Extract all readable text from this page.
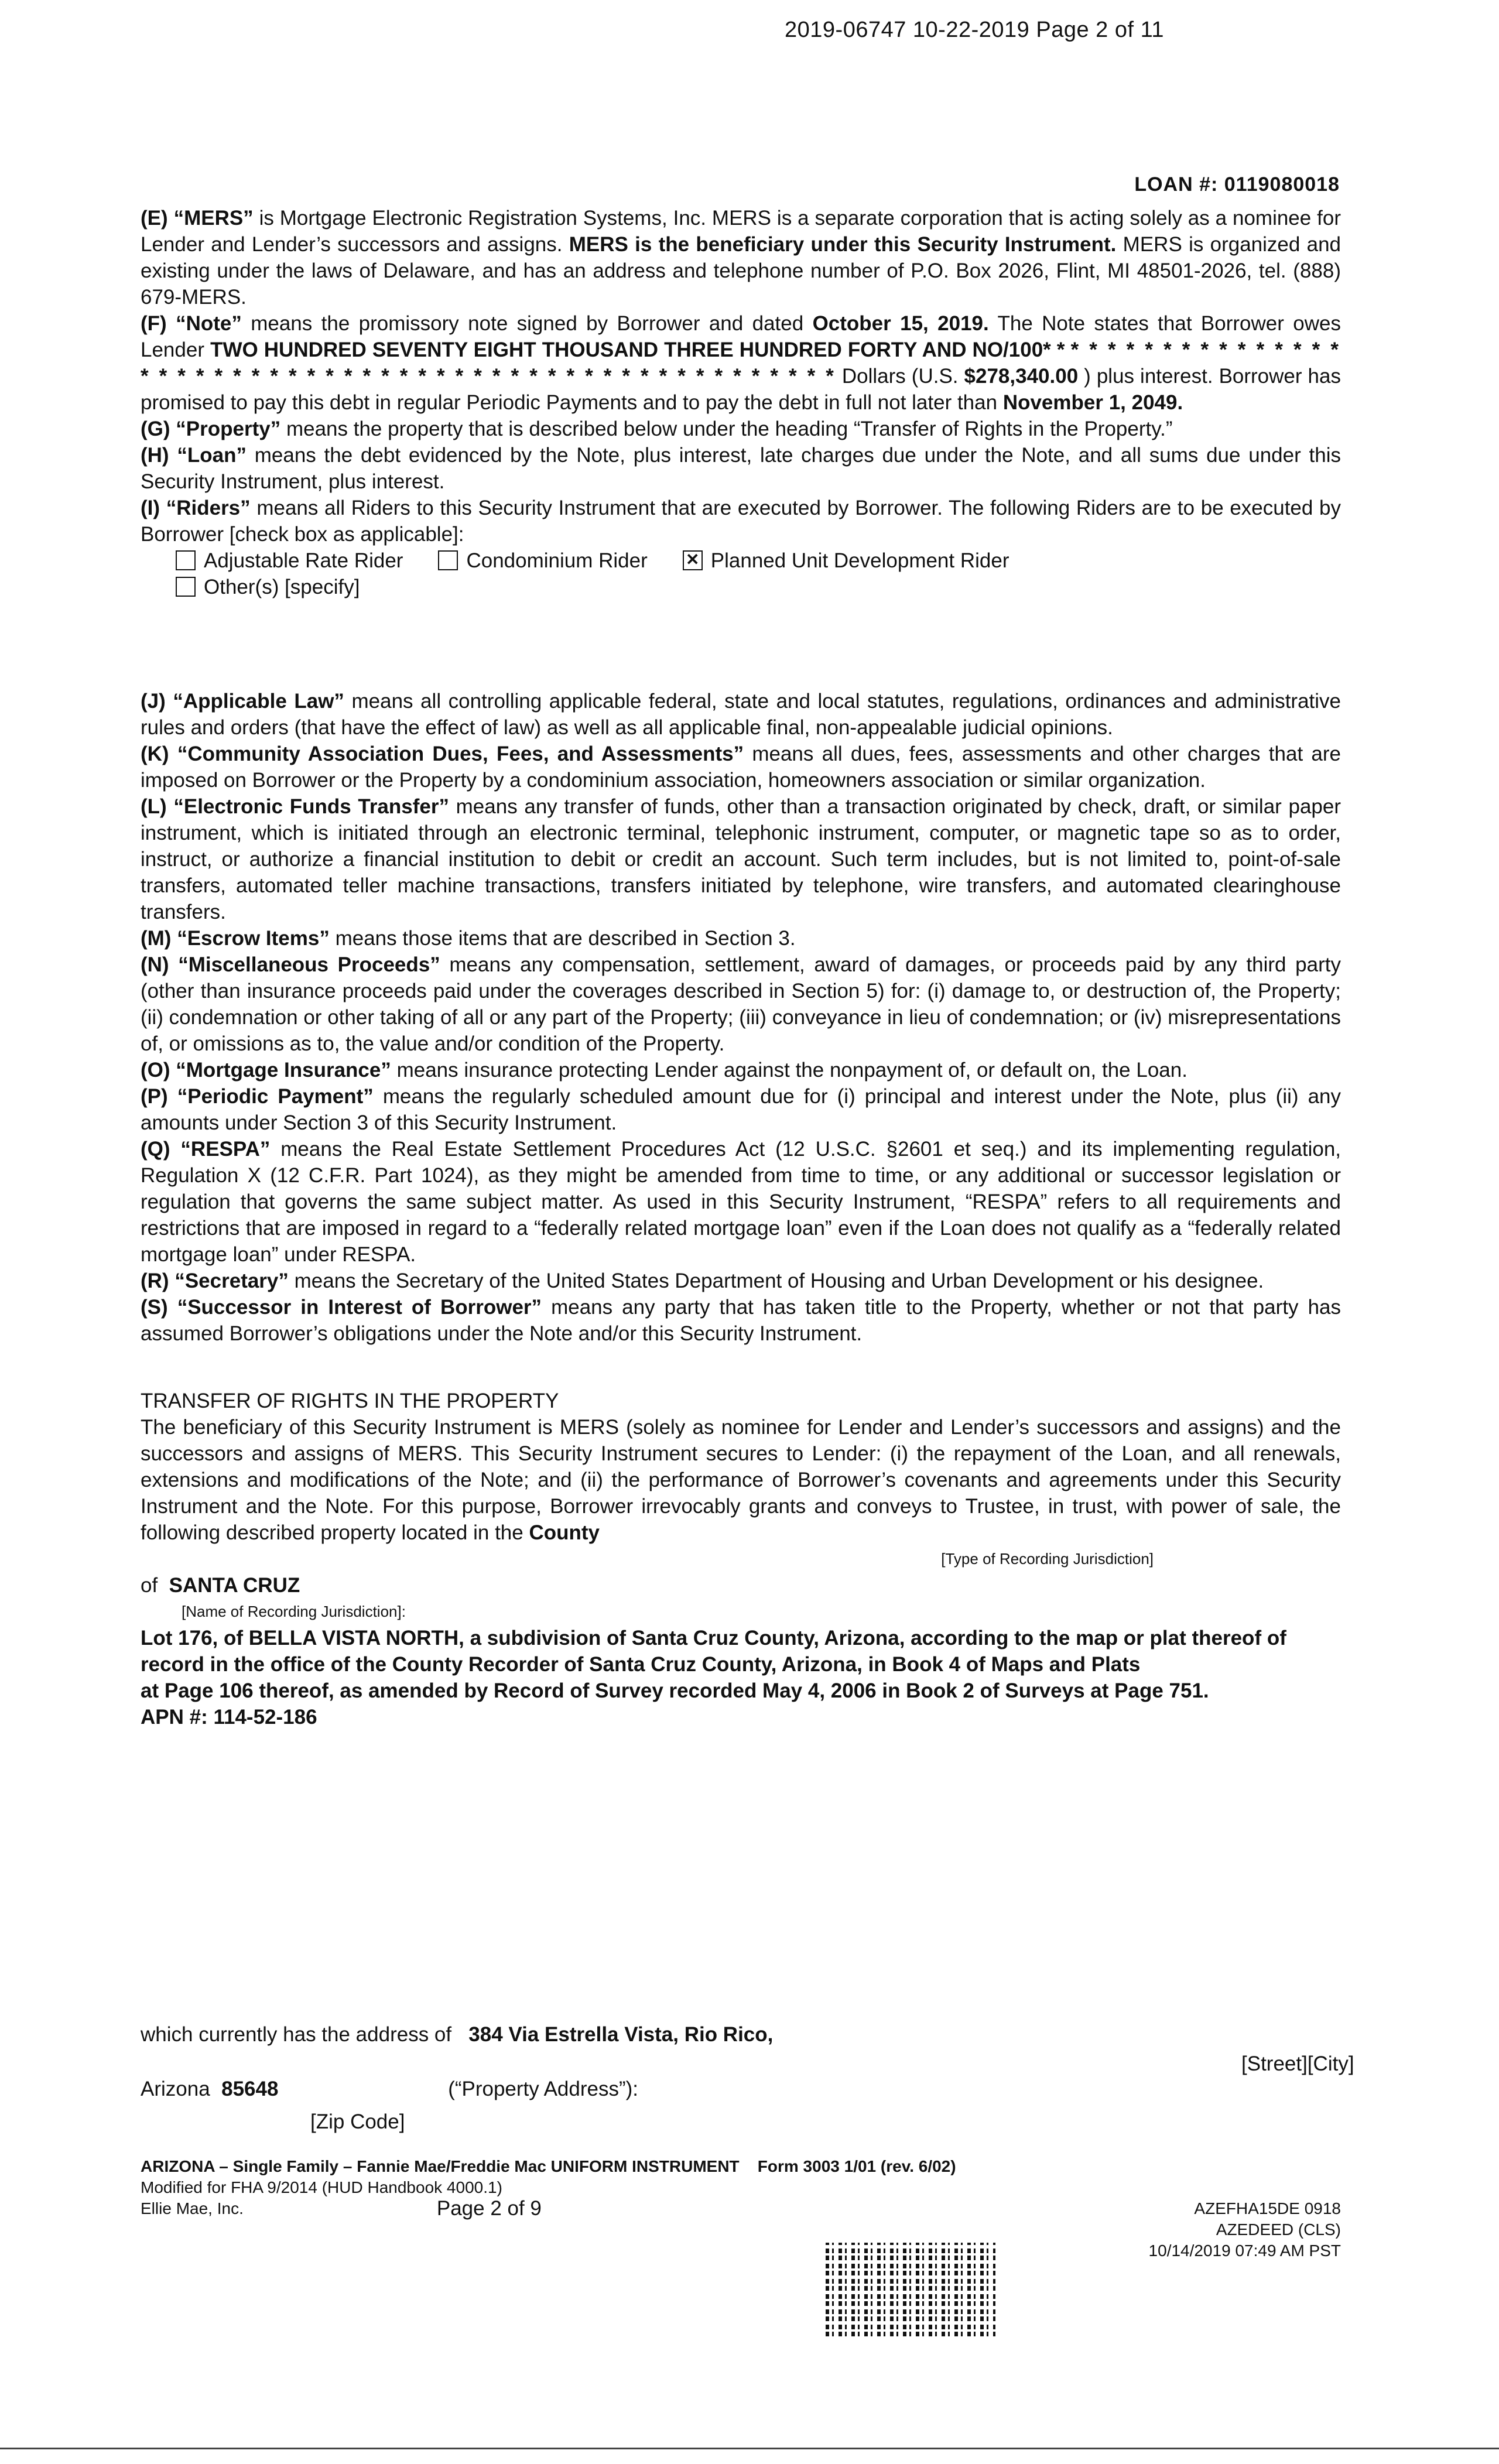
2019-06747 10-22-2019 Page 2 of 11
LOAN #: 0119080018

(E) “MERS” is Mortgage Electronic Registration Systems, Inc. MERS is a separate corporation that is acting solely as a nominee for Lender and Lender’s successors and assigns. MERS is the beneficiary under this Security Instrument. MERS is organized and existing under the laws of Delaware, and has an address and telephone number of P.O. Box 2026, Flint, MI 48501-2026, tel. (888) 679-MERS.

(F) “Note” means the promissory note signed by Borrower and dated October 15, 2019. The Note states that Borrower owes Lender TWO HUNDRED SEVENTY EIGHT THOUSAND THREE HUNDRED FORTY AND NO/100* * * * * * * * * * * * * * * * * * * * * * * * * * * * * * * * * * * * * * * * * * * * * * * * * * * * * * * Dollars (U.S. $278,340.00 ) plus interest. Borrower has promised to pay this debt in regular Periodic Payments and to pay the debt in full not later than November 1, 2049.

(G) “Property” means the property that is described below under the heading “Transfer of Rights in the Property.”

(H) “Loan” means the debt evidenced by the Note, plus interest, late charges due under the Note, and all sums due under this Security Instrument, plus interest.

(I) “Riders” means all Riders to this Security Instrument that are executed by Borrower. The following Riders are to be executed by Borrower [check box as applicable]:

Adjustable Rate Rider	Condominium Rider ✕ Planned Unit Development Rider
Other(s) [specify]

(J) “Applicable Law” means all controlling applicable federal, state and local statutes, regulations, ordinances and administrative rules and orders (that have the effect of law) as well as all applicable final, non-appealable judicial opinions.

(K) “Community Association Dues, Fees, and Assessments” means all dues, fees, assessments and other charges that are imposed on Borrower or the Property by a condominium association, homeowners association or similar organization.

(L) “Electronic Funds Transfer” means any transfer of funds, other than a transaction originated by check, draft, or similar paper instrument, which is initiated through an electronic terminal, telephonic instrument, computer, or magnetic tape so as to order, instruct, or authorize a financial institution to debit or credit an account. Such term includes, but is not limited to, point-of-sale transfers, automated teller machine transactions, transfers initiated by telephone, wire transfers, and automated clearinghouse transfers.

(M) “Escrow Items” means those items that are described in Section 3.

(N) “Miscellaneous Proceeds” means any compensation, settlement, award of damages, or proceeds paid by any third party (other than insurance proceeds paid under the coverages described in Section 5) for: (i) damage to, or destruction of, the Property; (ii) condemnation or other taking of all or any part of the Property; (iii) conveyance in lieu of condemnation; or (iv) misrepresentations of, or omissions as to, the value and/or condition of the Property.

(O) “Mortgage Insurance” means insurance protecting Lender against the nonpayment of, or default on, the Loan.

(P) “Periodic Payment” means the regularly scheduled amount due for (i) principal and interest under the Note, plus (ii) any amounts under Section 3 of this Security Instrument.

(Q) “RESPA” means the Real Estate Settlement Procedures Act (12 U.S.C. §2601 et seq.) and its implementing regulation, Regulation X (12 C.F.R. Part 1024), as they might be amended from time to time, or any additional or successor legislation or regulation that governs the same subject matter. As used in this Security Instrument, “RESPA” refers to all requirements and restrictions that are imposed in regard to a “federally related mortgage loan” even if the Loan does not qualify as a “federally related mortgage loan” under RESPA.

(R) “Secretary” means the Secretary of the United States Department of Housing and Urban Development or his designee.

(S) “Successor in Interest of Borrower” means any party that has taken title to the Property, whether or not that party has assumed Borrower’s obligations under the Note and/or this Security Instrument.

TRANSFER OF RIGHTS IN THE PROPERTY

The beneficiary of this Security Instrument is MERS (solely as nominee for Lender and Lender’s successors and assigns) and the successors and assigns of MERS. This Security Instrument secures to Lender: (i) the repayment of the Loan, and all renewals, extensions and modifications of the Note; and (ii) the performance of Borrower’s covenants and agreements under this Security Instrument and the Note. For this purpose, Borrower irrevocably grants and conveys to Trustee, in trust, with power of sale, the following described property located in the County

[Type of Recording Jurisdiction]

of SANTA CRUZ

[Name of Recording Jurisdiction]:

Lot 176, of BELLA VISTA NORTH, a subdivision of Santa Cruz County, Arizona, according to the map or plat thereof of record in the office of the County Recorder of Santa Cruz County, Arizona, in Book 4 of Maps and Plats

at Page 106 thereof, as amended by Record of Survey recorded May 4, 2006 in Book 2 of Surveys at Page 751.

APN #: 114-52-186

which currently has the address of 384 Via Estrella Vista, Rio Rico,
[Street][City]
Arizona 85648	(“Property Address”):
[Zip Code]
ARIZONA – Single Family – Fannie Mae/Freddie Mac UNIFORM INSTRUMENT Form 3003 1/01 (rev. 6/02)
Modified for FHA 9/2014 (HUD Handbook 4000.1)
Ellie Mae, Inc.	Page 2 of 9	AZEFHA15DE 0918
AZEDEED (CLS)
10/14/2019 07:49 AM PST
